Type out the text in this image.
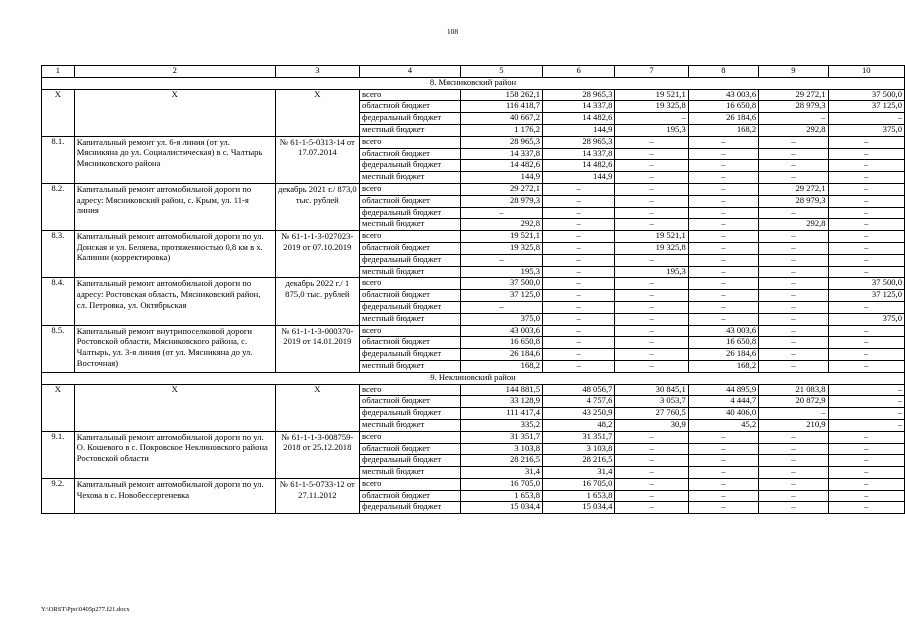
108
1	2	3	4	5	6	7	8	9	10
8. Мясниковский район									
Х	Х	Х	всего	158 262,1	28 965,3	19 521,1	43 003,6	29 272,1	37 500,0
			областной бюджет	116 418,7	14 337,8	19 325,8	16 650,8	28 979,3	37 125,0
			федеральный бюджет	40 667,2	14 482,6	–	26 184,6	–	–
			местный бюджет	1 176,2	144,9	195,3	168,2	292,8	375,0
8.1.	Капитальный ремонт ул. 6-я линия (от ул. Мясникяна до ул. Социалистическая) в с. Чалтырь Мясниковского района	№ 61-1-5-0313-14 от 17.07.2014	всего	28 965,3	28 965,3	–	–	–	–
			областной бюджет	14 337,8	14 337,8	–	–	–	–
			федеральный бюджет	14 482,6	14 482,6	–	–	–	–
			местный бюджет	144,9	144,9	–	–	–	–
8.2.	Капитальный ремонт автомобильной дороги по адресу: Мясниковский район, с. Крым, ул. 11-я линия	декабрь 2021 г./ 873,0 тыс. рублей	всего	29 272,1	–	–	–	29 272,1	–
			областной бюджет	28 979,3	–	–	–	28 979,3	–
			федеральный бюджет	–	–	–	–	–	–
			местный бюджет	292,8	–	–	–	292,8	–
8.3.	Капитальный ремонт автомобильной дороги по ул. Донская и ул. Беляева, протяженностью 0,8 км в х. Калинин (корректировка)	№ 61-1-1-3-027023-2019 от 07.10.2019	всего	19 521,1	–	19 521,1	–	–	–
			областной бюджет	19 325,8	–	19 325,8	–	–	–
			федеральный бюджет	–	–	–	–	–	–
			местный бюджет	195,3	–	195,3	–	–	–
8.4.	Капитальный ремонт автомобильной дороги по адресу: Ростовская область, Мясниковский район, сл. Петровка, ул. Октябрьская	декабрь 2022 г./ 1 875,0 тыс. рублей	всего	37 500,0	–	–	–	–	37 500,0
			областной бюджет	37 125,0	–	–	–	–	37 125,0
			федеральный бюджет	–	–	–	–	–	–
			местный бюджет	375,0	–	–	–	–	375,0
8.5.	Капитальный ремонт внутрипоселковой дороги Ростовской области, Мясниковского района, с. Чалтырь, ул. 3-я линия (от ул. Мясникяна до ул. Восточная)	№ 61-1-1-3-000370-2019 от 14.01.2019	всего	43 003,6	–	–	43 003,6	–	–
			областной бюджет	16 650,8	–	–	16 650,8	–	–
			федеральный бюджет	26 184,6	–	–	26 184,6	–	–
			местный бюджет	168,2	–	–	168,2	–	–
9. Неклиновский район									
Х	Х	Х	всего	144 881,5	48 056,7	30 845,1	44 895,9	21 083,8	–
			областной бюджет	33 128,9	4 757,6	3 053,7	4 444,7	20 872,9	–
			федеральный бюджет	111 417,4	43 250,9	27 760,5	40 406,0	–	–
			местный бюджет	335,2	48,2	30,9	45,2	210,9	–
9.1.	Капитальный ремонт автомобильной дороги по ул. О. Кошевого в с. Покровское Неклиновского района Ростовской области	№ 61-1-1-3-008759-2018 от 25.12.2018	всего	31 351,7	31 351,7	–	–	–	–
			областной бюджет	3 103,8	3 103,8	–	–	–	–
			федеральный бюджет	28 216,5	28 216,5	–	–	–	–
			местный бюджет	31,4	31,4	–	–	–	–
9.2.	Капитальный ремонт автомобильной дороги по ул. Чехова в с. Новобессергеневка	№ 61-1-5-0733-12 от 27.11.2012	всего	16 705,0	16 705,0	–	–	–	–
			областной бюджет	1 653,8	1 653,8	–	–	–	–
			федеральный бюджет	15 034,4	15 034,4	–	–	–	–
Y:\ORST\Ppo\0405p277.f21.docx
